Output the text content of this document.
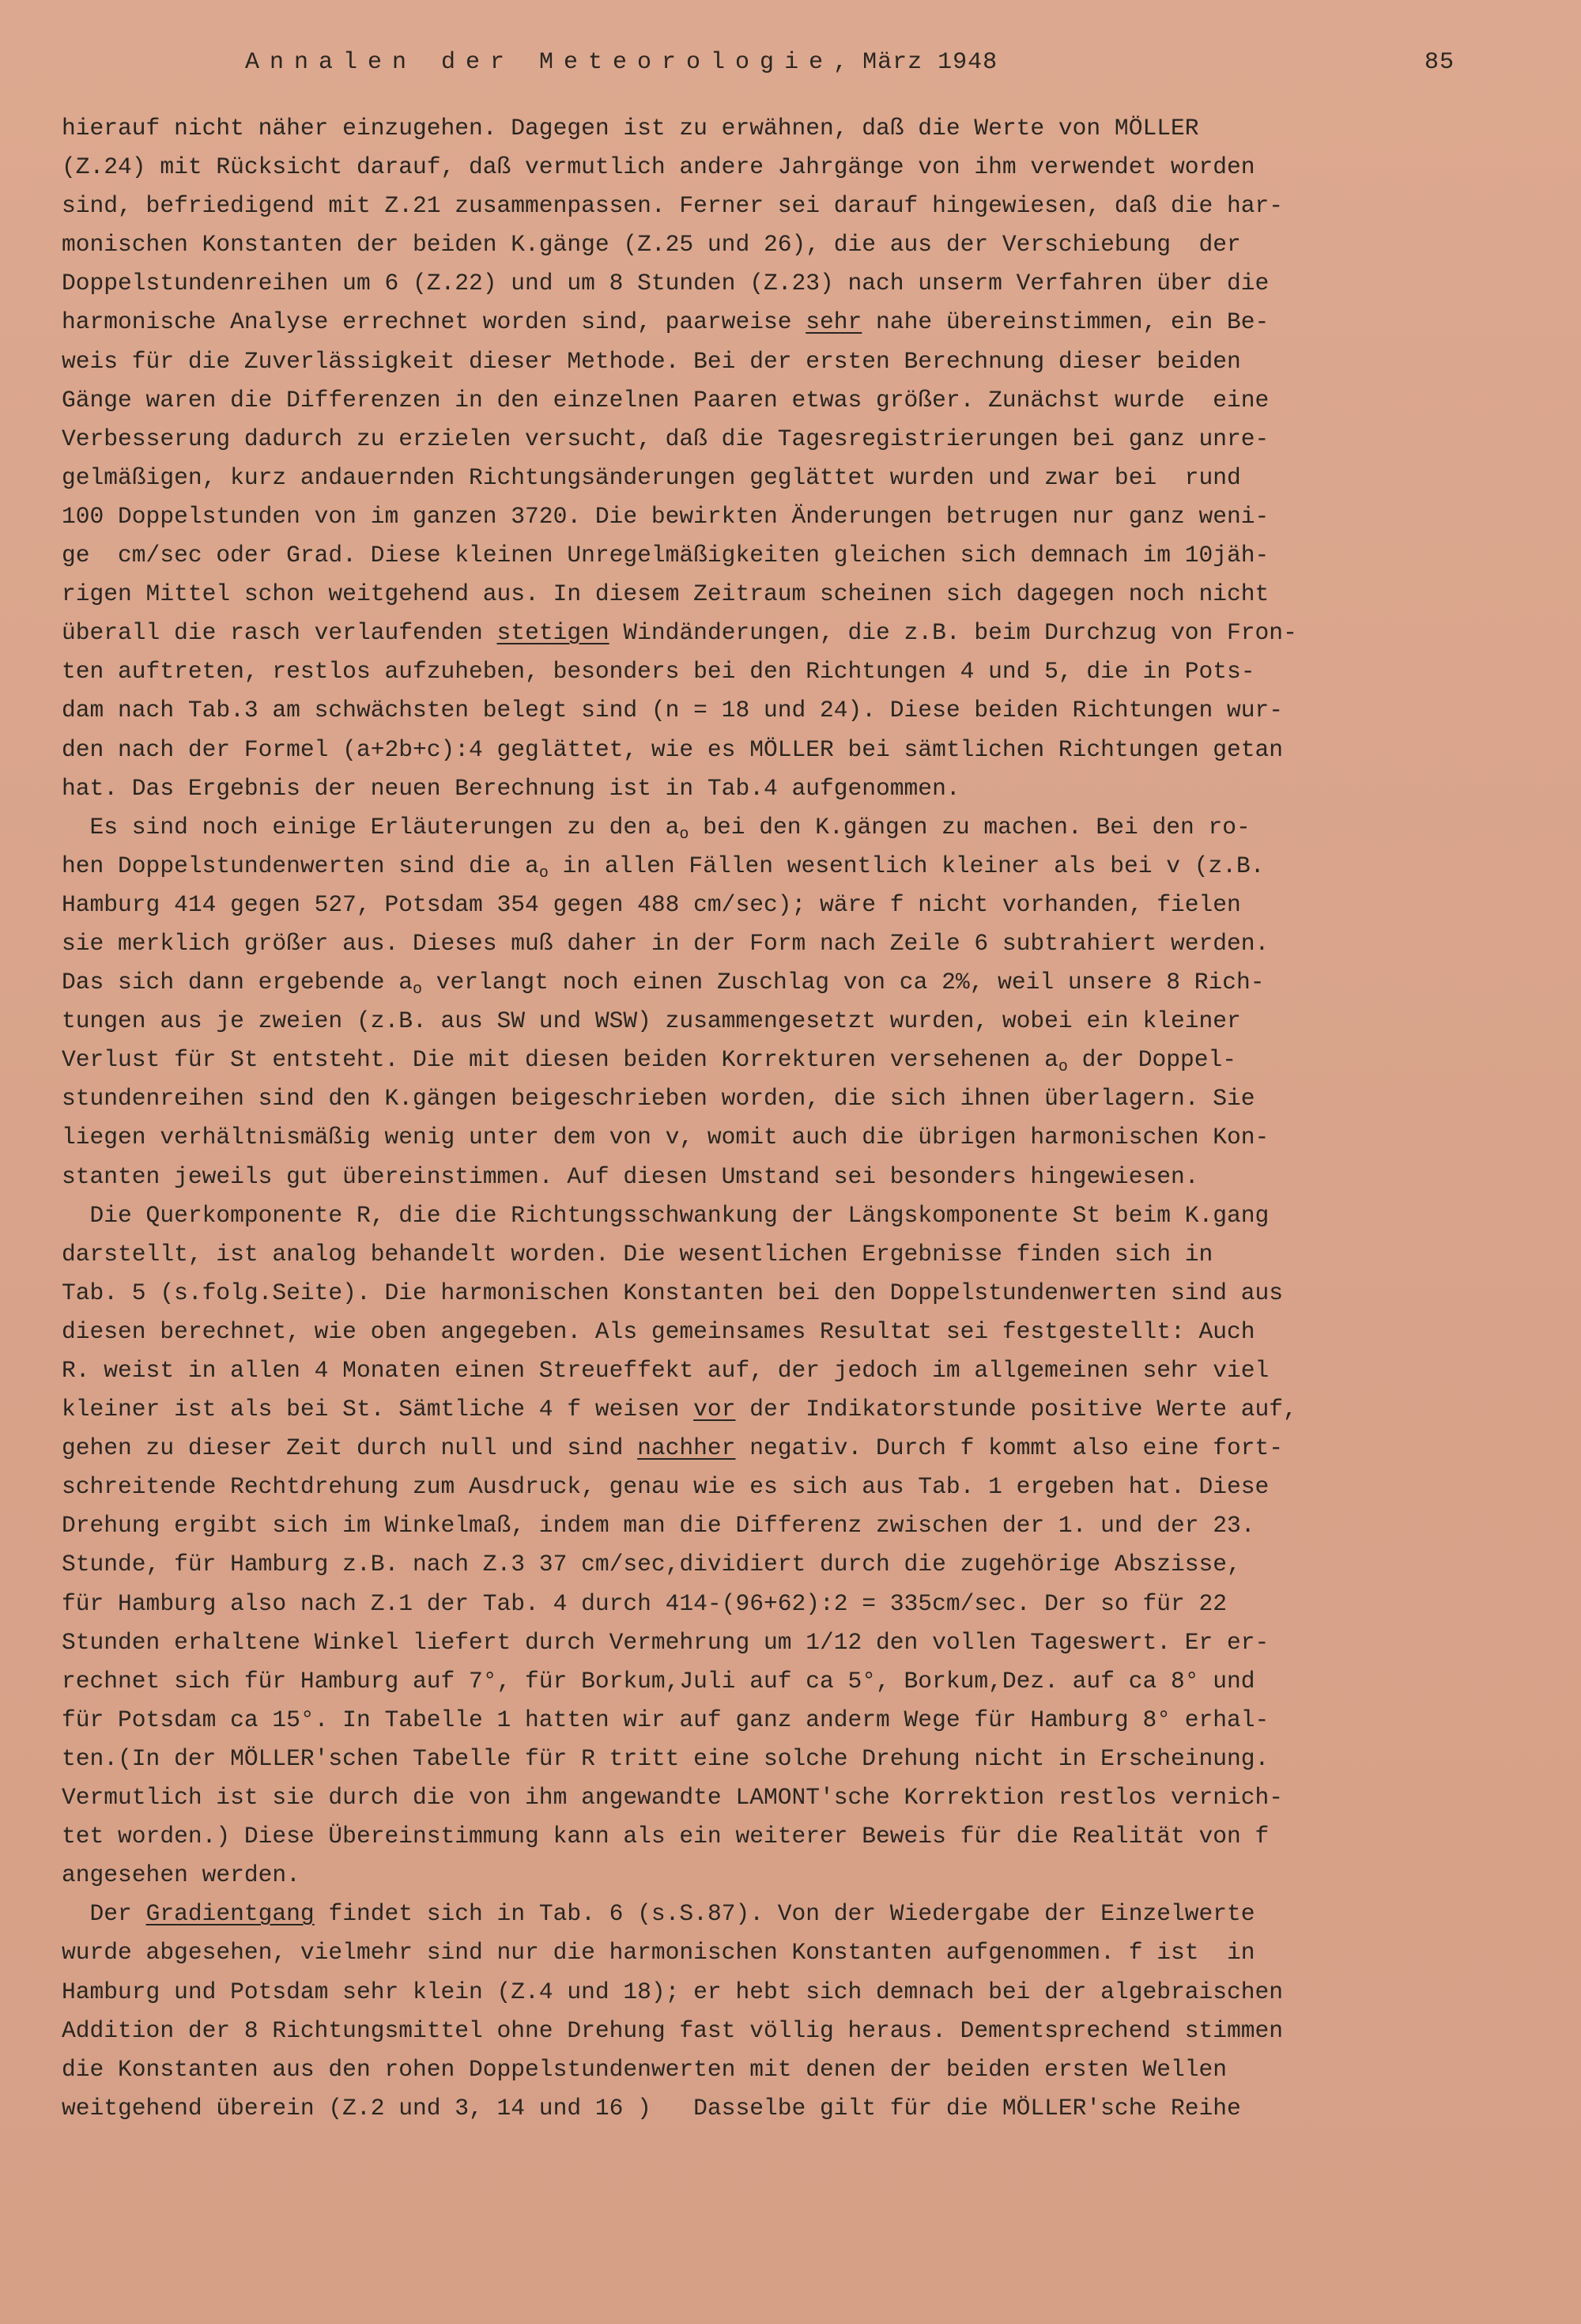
Annalen der Meteorologie, März 1948	85
hierauf nicht näher einzugehen. Dagegen ist zu erwähnen, daß die Werte von MÖLLER
(Z.24) mit Rücksicht darauf, daß vermutlich andere Jahrgänge von ihm verwendet worden
sind, befriedigend mit Z.21 zusammenpassen. Ferner sei darauf hingewiesen, daß die har-
monischen Konstanten der beiden K.gänge (Z.25 und 26), die aus der Verschiebung  der
Doppelstundenreihen um 6 (Z.22) und um 8 Stunden (Z.23) nach unserm Verfahren über die
harmonische Analyse errechnet worden sind, paarweise sehr nahe übereinstimmen, ein Be-
weis für die Zuverlässigkeit dieser Methode. Bei der ersten Berechnung dieser beiden
Gänge waren die Differenzen in den einzelnen Paaren etwas größer. Zunächst wurde  eine
Verbesserung dadurch zu erzielen versucht, daß die Tagesregistrierungen bei ganz unre-
gelmäßigen, kurz andauernden Richtungsänderungen geglättet wurden und zwar bei  rund
100 Doppelstunden von im ganzen 3720. Die bewirkten Änderungen betrugen nur ganz weni-
ge  cm/sec oder Grad. Diese kleinen Unregelmäßigkeiten gleichen sich demnach im 10jäh-
rigen Mittel schon weitgehend aus. In diesem Zeitraum scheinen sich dagegen noch nicht
überall die rasch verlaufenden stetigen Windänderungen, die z.B. beim Durchzug von Fron-
ten auftreten, restlos aufzuheben, besonders bei den Richtungen 4 und 5, die in Pots-
dam nach Tab.3 am schwächsten belegt sind (n = 18 und 24). Diese beiden Richtungen wur-
den nach der Formel (a+2b+c):4 geglättet, wie es MÖLLER bei sämtlichen Richtungen getan
hat. Das Ergebnis der neuen Berechnung ist in Tab.4 aufgenommen.
Es sind noch einige Erläuterungen zu den $a_o$ bei den K.gängen zu machen. Bei den ro-
hen Doppelstundenwerten sind die $a_o$ in allen Fällen wesentlich kleiner als bei v (z.B.
Hamburg 414 gegen 527, Potsdam 354 gegen 488 cm/sec); wäre f nicht vorhanden, fielen
sie merklich größer aus. Dieses muß daher in der Form nach Zeile 6 subtrahiert werden.
Das sich dann ergebende $a_o$ verlangt noch einen Zuschlag von ca 2%, weil unsere 8 Rich-
tungen aus je zweien (z.B. aus SW und WSW) zusammengesetzt wurden, wobei ein kleiner
Verlust für St entsteht. Die mit diesen beiden Korrekturen versehenen $a_o$ der Doppel-
stundenreihen sind den K.gängen beigeschrieben worden, die sich ihnen überlagern. Sie
liegen verhältnismäßig wenig unter dem von v, womit auch die übrigen harmonischen Kon-
stanten jeweils gut übereinstimmen. Auf diesen Umstand sei besonders hingewiesen.
Die Querkomponente R, die die Richtungsschwankung der Längskomponente St beim K.gang
darstellt, ist analog behandelt worden. Die wesentlichen Ergebnisse finden sich in
Tab. 5 (s.folg.Seite). Die harmonischen Konstanten bei den Doppelstundenwerten sind aus
diesen berechnet, wie oben angegeben. Als gemeinsames Resultat sei festgestellt: Auch
R. weist in allen 4 Monaten einen Streueffekt auf, der jedoch im allgemeinen sehr viel
kleiner ist als bei St. Sämtliche 4 f weisen vor der Indikatorstunde positive Werte auf,
gehen zu dieser Zeit durch null und sind nachher negativ. Durch f kommt also eine fort-
schreitende Rechtdrehung zum Ausdruck, genau wie es sich aus Tab. 1 ergeben hat. Diese
Drehung ergibt sich im Winkelmaß, indem man die Differenz zwischen der 1. und der 23.
Stunde, für Hamburg z.B. nach Z.3 37 cm/sec,dividiert durch die zugehörige Abszisse,
für Hamburg also nach Z.1 der Tab. 4 durch 414-(96+62):2 = 335cm/sec. Der so für 22
Stunden erhaltene Winkel liefert durch Vermehrung um 1/12 den vollen Tageswert. Er er-
rechnet sich für Hamburg auf 7°, für Borkum,Juli auf ca 5°, Borkum,Dez. auf ca 8° und
für Potsdam ca 15°. In Tabelle 1 hatten wir auf ganz anderm Wege für Hamburg 8° erhal-
ten.(In der MÖLLER'schen Tabelle für R tritt eine solche Drehung nicht in Erscheinung.
Vermutlich ist sie durch die von ihm angewandte LAMONT'sche Korrektion restlos vernich-
tet worden.) Diese Übereinstimmung kann als ein weiterer Beweis für die Realität von f
angesehen werden.
Der Gradientgang findet sich in Tab. 6 (s.S.87). Von der Wiedergabe der Einzelwerte
wurde abgesehen, vielmehr sind nur die harmonischen Konstanten aufgenommen. f ist  in
Hamburg und Potsdam sehr klein (Z.4 und 18); er hebt sich demnach bei der algebraischen
Addition der 8 Richtungsmittel ohne Drehung fast völlig heraus. Dementsprechend stimmen
die Konstanten aus den rohen Doppelstundenwerten mit denen der beiden ersten Wellen
weitgehend überein (Z.2 und 3, 14 und 16 )   Dasselbe gilt für die MÖLLER'sche Reihe
